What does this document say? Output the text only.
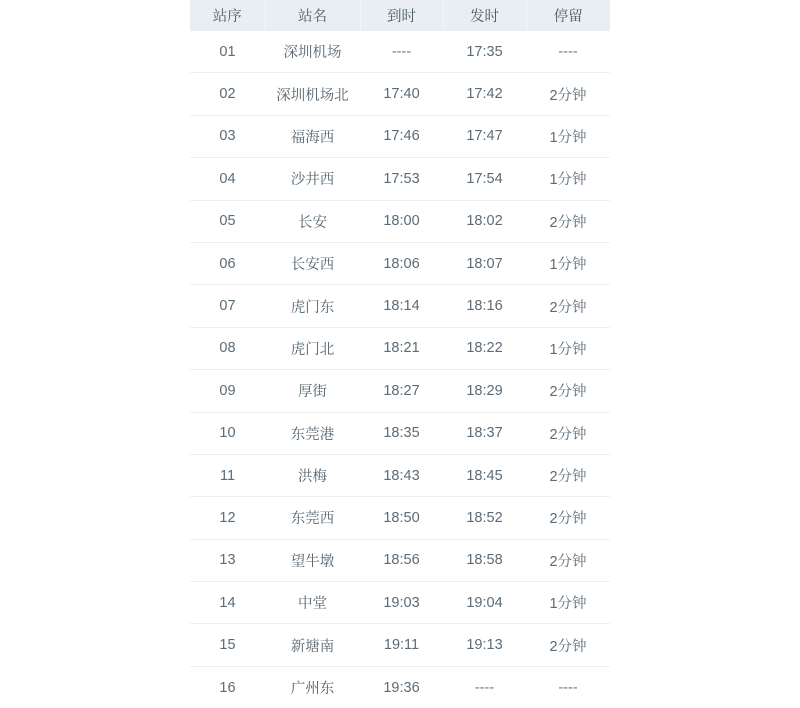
站序	站名	到时	发时	停留
01	深圳机场	----	17:35	----
02	深圳机场北	17:40	17:42	2分钟
03	福海西	17:46	17:47	1分钟
04	沙井西	17:53	17:54	1分钟
05	长安	18:00	18:02	2分钟
06	长安西	18:06	18:07	1分钟
07	虎门东	18:14	18:16	2分钟
08	虎门北	18:21	18:22	1分钟
09	厚街	18:27	18:29	2分钟
10	东莞港	18:35	18:37	2分钟
11	洪梅	18:43	18:45	2分钟
12	东莞西	18:50	18:52	2分钟
13	望牛墩	18:56	18:58	2分钟
14	中堂	19:03	19:04	1分钟
15	新塘南	19:11	19:13	2分钟
16	广州东	19:36	----	----
